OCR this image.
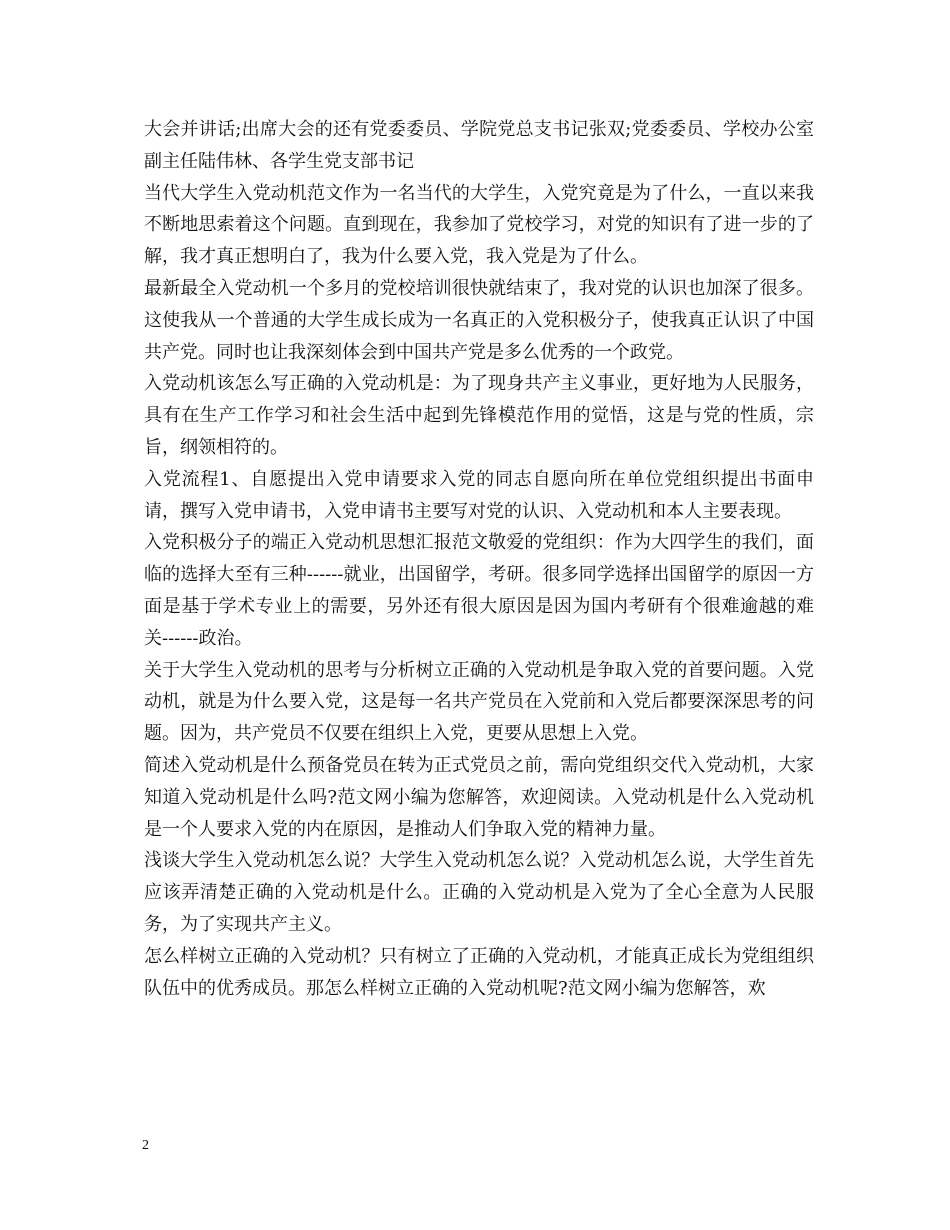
大会并讲话;出席大会的还有党委委员、学院党总支书记张双;党委委员、学校办公室副主任陆伟林、各学生党支部书记

当代大学生入党动机范文作为一名当代的大学生，入党究竟是为了什么，一直以来我不断地思索着这个问题。直到现在，我参加了党校学习，对党的知识有了进一步的了解，我才真正想明白了，我为什么要入党，我入党是为了什么。

最新最全入党动机一个多月的党校培训很快就结束了，我对党的认识也加深了很多。这使我从一个普通的大学生成长成为一名真正的入党积极分子，使我真正认识了中国共产党。同时也让我深刻体会到中国共产党是多么优秀的一个政党。

入党动机该怎么写正确的入党动机是：为了现身共产主义事业，更好地为人民服务，具有在生产工作学习和社会生活中起到先锋模范作用的觉悟，这是与党的性质，宗旨，纲领相符的。

入党流程1、自愿提出入党申请要求入党的同志自愿向所在单位党组织提出书面申请，撰写入党申请书，入党申请书主要写对党的认识、入党动机和本人主要表现。

入党积极分子的端正入党动机思想汇报范文敬爱的党组织：作为大四学生的我们，面临的选择大至有三种------就业，出国留学，考研。很多同学选择出国留学的原因一方面是基于学术专业上的需要，另外还有很大原因是因为国内考研有个很难逾越的难关------政治。

关于大学生入党动机的思考与分析树立正确的入党动机是争取入党的首要问题。入党动机，就是为什么要入党，这是每一名共产党员在入党前和入党后都要深深思考的问题。因为，共产党员不仅要在组织上入党，更要从思想上入党。

简述入党动机是什么预备党员在转为正式党员之前，需向党组织交代入党动机，大家知道入党动机是什么吗?范文网小编为您解答，欢迎阅读。入党动机是什么入党动机是一个人要求入党的内在原因，是推动人们争取入党的精神力量。

浅谈大学生入党动机怎么说？大学生入党动机怎么说？入党动机怎么说，大学生首先应该弄清楚正确的入党动机是什么。正确的入党动机是入党为了全心全意为人民服务，为了实现共产主义。

怎么样树立正确的入党动机？只有树立了正确的入党动机，才能真正成长为党组组织队伍中的优秀成员。那怎么样树立正确的入党动机呢?范文网小编为您解答，欢

2
